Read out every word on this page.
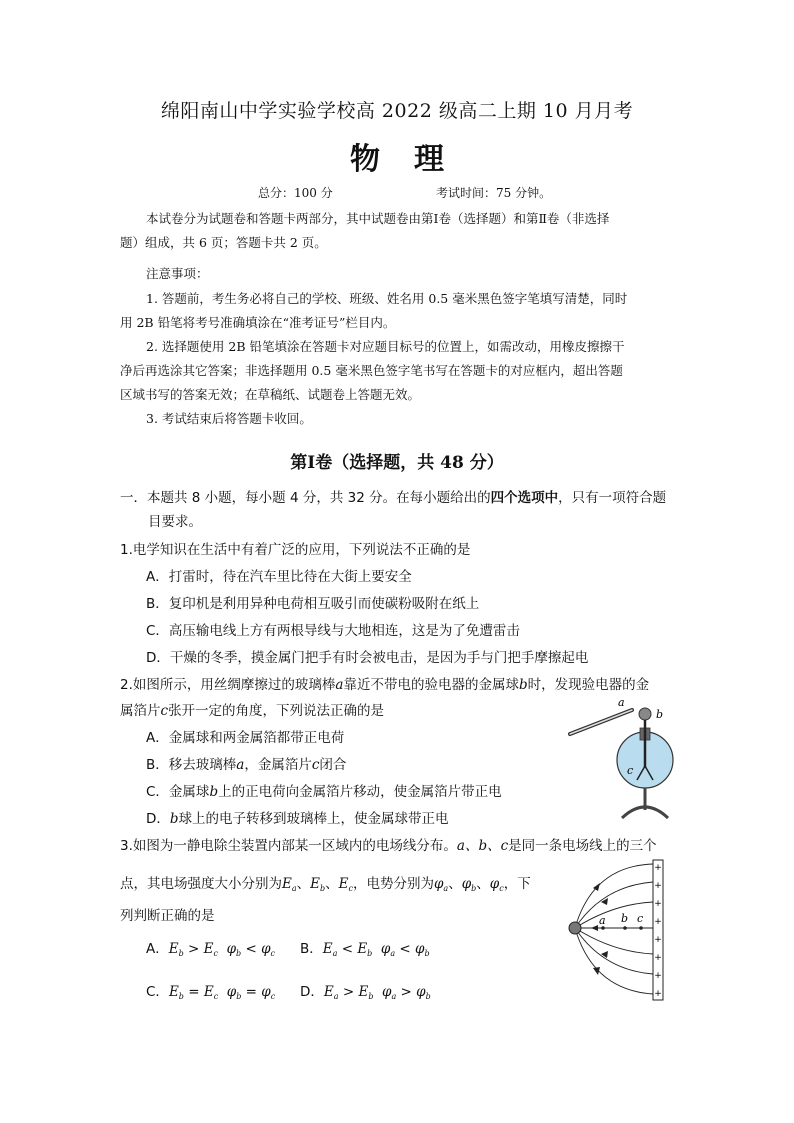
绵阳南山中学实验学校高 2022 级高二上期 10 月月考
物理
总分：100 分	考试时间：75 分钟。
本试卷分为试题卷和答题卡两部分，其中试题卷由第Ⅰ卷（选择题）和第Ⅱ卷（非选择
题）组成，共 6 页；答题卡共 2 页。
注意事项：
1. 答题前，考生务必将自己的学校、班级、姓名用 0.5 毫米黑色签字笔填写清楚，同时
用 2B 铅笔将考号准确填涂在“准考证号”栏目内。
2. 选择题使用 2B 铅笔填涂在答题卡对应题目标号的位置上，如需改动，用橡皮擦擦干
净后再选涂其它答案；非选择题用 0.5 毫米黑色签字笔书写在答题卡的对应框内，超出答题
区域书写的答案无效；在草稿纸、试题卷上答题无效。
3. 考试结束后将答题卡收回。
第Ⅰ卷（选择题，共 48 分）
一．本题共 8 小题，每小题 4 分，共 32 分。在每小题给出的四个选项中，只有一项符合题
目要求。
1.电学知识在生活中有着广泛的应用，下列说法不正确的是
A．打雷时，待在汽车里比待在大街上要安全
B．复印机是利用异种电荷相互吸引而使碳粉吸附在纸上
C．高压输电线上方有两根导线与大地相连，这是为了免遭雷击
D．干燥的冬季，摸金属门把手有时会被电击，是因为手与门把手摩擦起电
2.如图所示，用丝绸摩擦过的玻璃棒a靠近不带电的验电器的金属球b时，发现验电器的金
属箔片c张开一定的角度，下列说法正确的是
A．金属球和两金属箔都带正电荷
B．移去玻璃棒a，金属箔片c闭合
C．金属球b上的正电荷向金属箔片移动，使金属箔片带正电
D．b球上的电子转移到玻璃棒上，使金属球带正电
a
b
c
3.如图为一静电除尘装置内部某一区域内的电场线分布。a、b、c是同一条电场线上的三个
点，其电场强度大小分别为$E_a$、$E_b$、$E_c$，电势分别为$\varphi_a$、$\varphi_b$、$\varphi_c$，下
列判断正确的是
A．$E_b > E_c$ $\varphi_b < \varphi_c$ B．$E_a < E_b$ $\varphi_a < \varphi_b$
C．$E_b = E_c$ $\varphi_b = \varphi_c$ D．$E_a > E_b$ $\varphi_a > \varphi_b$
+
+
+
+
+
+
+
+
a b c
